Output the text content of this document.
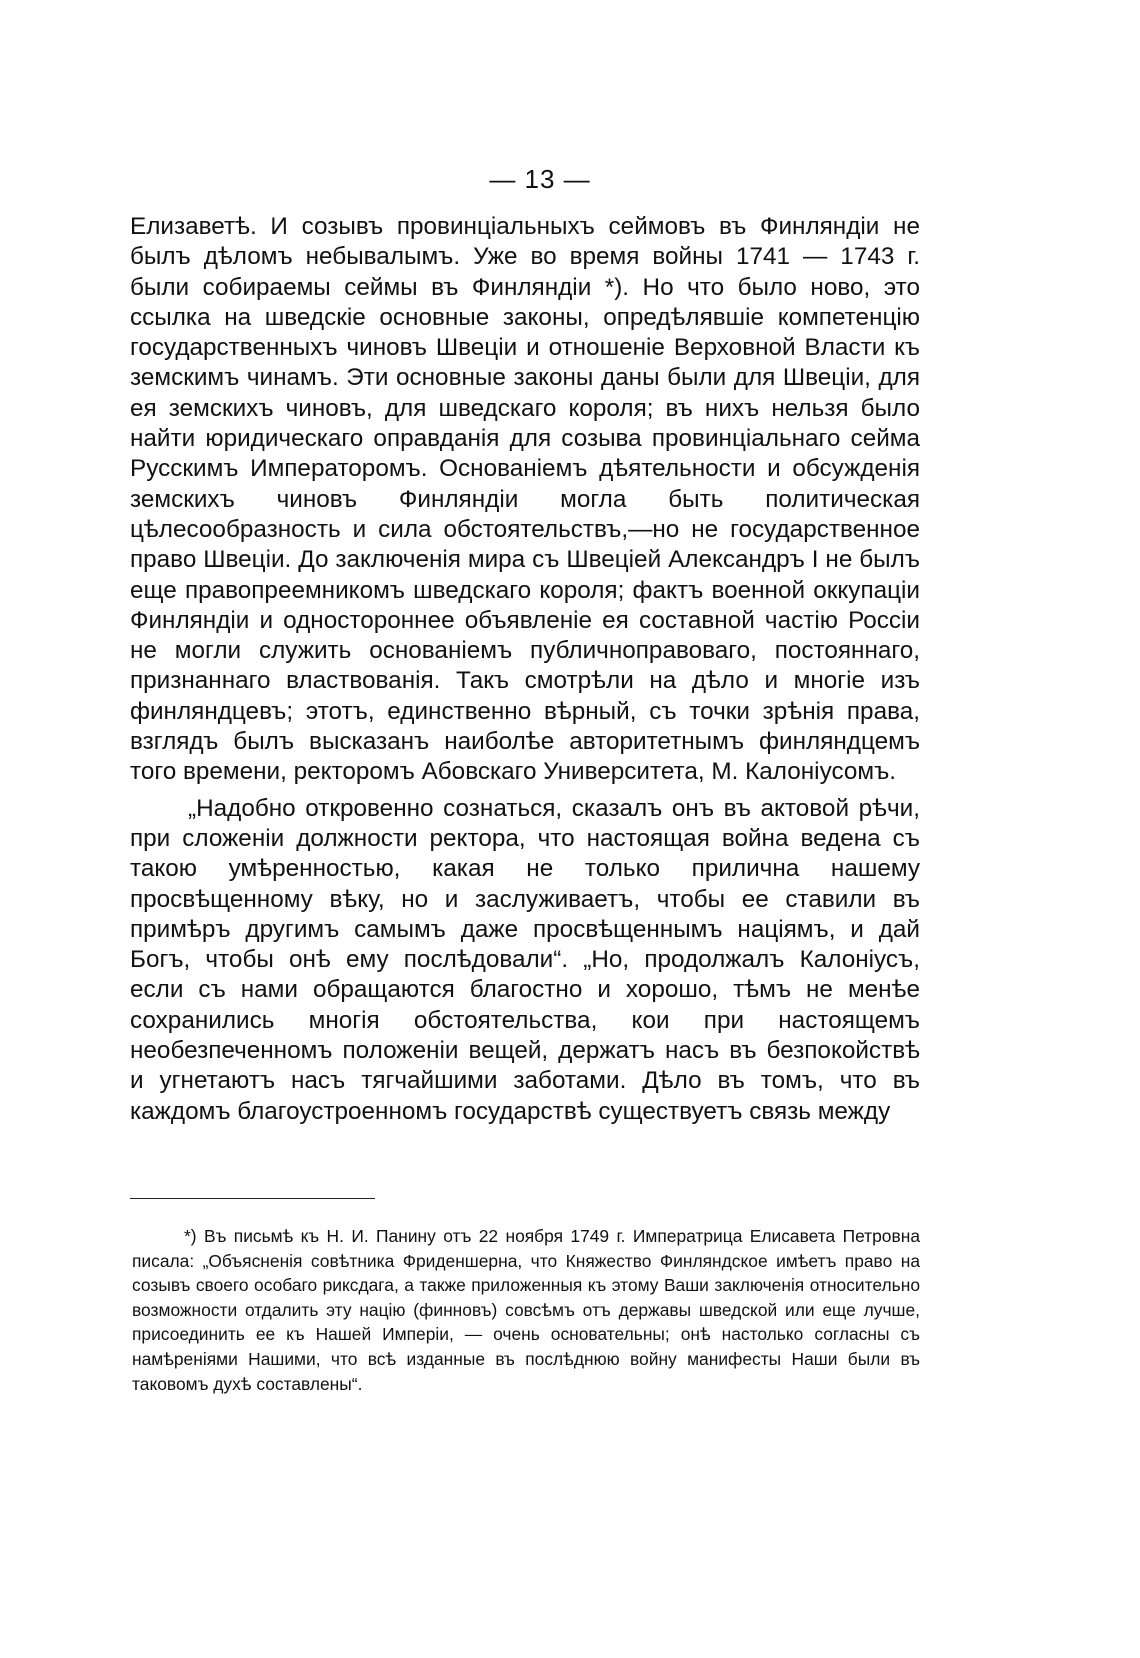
— 13 —

Елизаветѣ. И созывъ провинціальныхъ сеймовъ въ Финляндіи не былъ дѣломъ небывалымъ. Уже во время войны 1741 — 1743 г. были собираемы сеймы въ Финляндіи *). Но что было ново, это ссылка на шведскіе основные законы, опредѣлявшіе компетенцію государственныхъ чиновъ Швеціи и отношеніе Верховной Власти къ земскимъ чинамъ. Эти основные законы даны были для Швеціи, для ея земскихъ чиновъ, для шведскаго короля; въ нихъ нельзя было найти юридическаго оправданія для созыва провинціальнаго сейма Русскимъ Императоромъ. Основаніемъ дѣятельности и обсужденія земскихъ чиновъ Финляндіи могла быть политическая цѣлесообразность и сила обстоятельствъ,—но не государственное право Швеціи. До заключенія мира съ Швеціей Александръ I не былъ еще правопреемникомъ шведскаго короля; фактъ военной оккупаціи Финляндіи и одностороннее объявленіе ея составной частію Россіи не могли служить основаніемъ публичноправоваго, постояннаго, признаннаго властвованія. Такъ смотрѣли на дѣло и многіе изъ финляндцевъ; этотъ, единственно вѣрный, съ точки зрѣнія права, взглядъ былъ высказанъ наиболѣе авторитетнымъ финляндцемъ того времени, ректоромъ Абовскаго Университета, М. Калоніусомъ.

„Надобно откровенно сознаться, сказалъ онъ въ актовой рѣчи, при сложеніи должности ректора, что настоящая война ведена съ такою умѣренностью, какая не только прилична нашему просвѣщенному вѣку, но и заслуживаетъ, чтобы ее ставили въ примѣръ другимъ самымъ даже просвѣщеннымъ націямъ, и дай Богъ, чтобы онѣ ему послѣдовали“. „Но, продолжалъ Калоніусъ, если съ нами обращаются благостно и хорошо, тѣмъ не менѣе сохранились многія обстоятельства, кои при настоящемъ необезпеченномъ положеніи вещей, держатъ насъ въ безпокойствѣ и угнетаютъ насъ тягчайшими заботами. Дѣло въ томъ, что въ каждомъ благоустроенномъ государствѣ существуетъ связь между

*) Въ письмѣ къ Н. И. Панину отъ 22 ноября 1749 г. Императрица Елисавета Петровна писала: „Объясненія совѣтника Фриденшерна, что Княжество Финляндское имѣетъ право на созывъ своего особаго риксдага, а также приложенныя къ этому Ваши заключенія относительно возможности отдалить эту націю (финновъ) совсѣмъ отъ державы шведской или еще лучше, присоединить ее къ Нашей Имперіи, — очень основательны; онѣ настолько согласны съ намѣреніями Нашими, что всѣ изданные въ послѣднюю войну манифесты Наши были въ таковомъ духѣ составлены“.
